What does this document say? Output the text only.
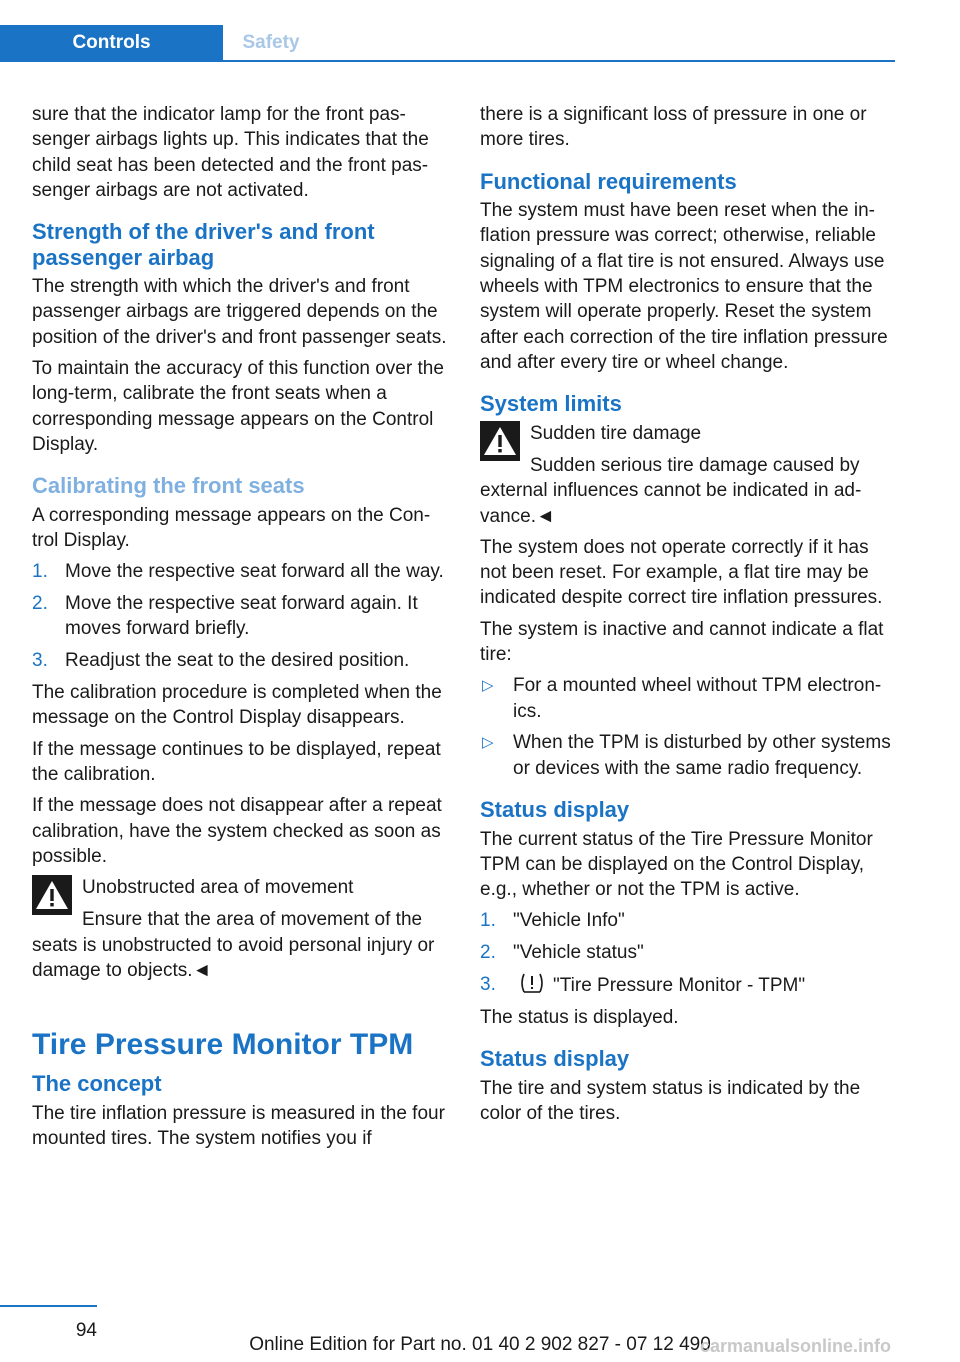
Controls	Safety

sure that the indicator lamp for the front passenger airbags lights up. This indicates that the child seat has been detected and the front passenger airbags are not activated.

Strength of the driver's and front passenger airbag

The strength with which the driver's and front passenger airbags are triggered depends on the position of the driver's and front passenger seats.

To maintain the accuracy of this function over the long-term, calibrate the front seats when a corresponding message appears on the Control Display.

Calibrating the front seats

A corresponding message appears on the Control Display.

1. Move the respective seat forward all the way.
2. Move the respective seat forward again. It moves forward briefly.
3. Readjust the seat to the desired position.

The calibration procedure is completed when the message on the Control Display disappears.

If the message continues to be displayed, repeat the calibration.

If the message does not disappear after a repeat calibration, have the system checked as soon as possible.

Unobstructed area of movement

Ensure that the area of movement of the

seats is unobstructed to avoid personal injury or damage to objects.◄

Tire Pressure Monitor TPM
The concept

The tire inflation pressure is measured in the four mounted tires. The system notifies you if

there is a significant loss of pressure in one or more tires.

Functional requirements

The system must have been reset when the inflation pressure was correct; otherwise, reliable signaling of a flat tire is not ensured. Always use wheels with TPM electronics to ensure that the system will operate properly. Reset the system after each correction of the tire inflation pressure and after every tire or wheel change.

System limits

Sudden tire damage

Sudden serious tire damage caused by

external influences cannot be indicated in advance.◄

The system does not operate correctly if it has not been reset. For example, a flat tire may be indicated despite correct tire inflation pressures.

The system is inactive and cannot indicate a flat tire:

▷ For a mounted wheel without TPM electronics.
▷ When the TPM is disturbed by other systems or devices with the same radio frequency.
Status display

The current status of the Tire Pressure Monitor TPM can be displayed on the Control Display, e.g., whether or not the TPM is active.

1. "Vehicle Info"
2. "Vehicle status"
3.	"Tire Pressure Monitor - TPM"

The status is displayed.

Status display

The tire and system status is indicated by the color of the tires.

94
Online Edition for Part no. 01 40 2 902 827 - 07 12 490
carmanualsonline.info
